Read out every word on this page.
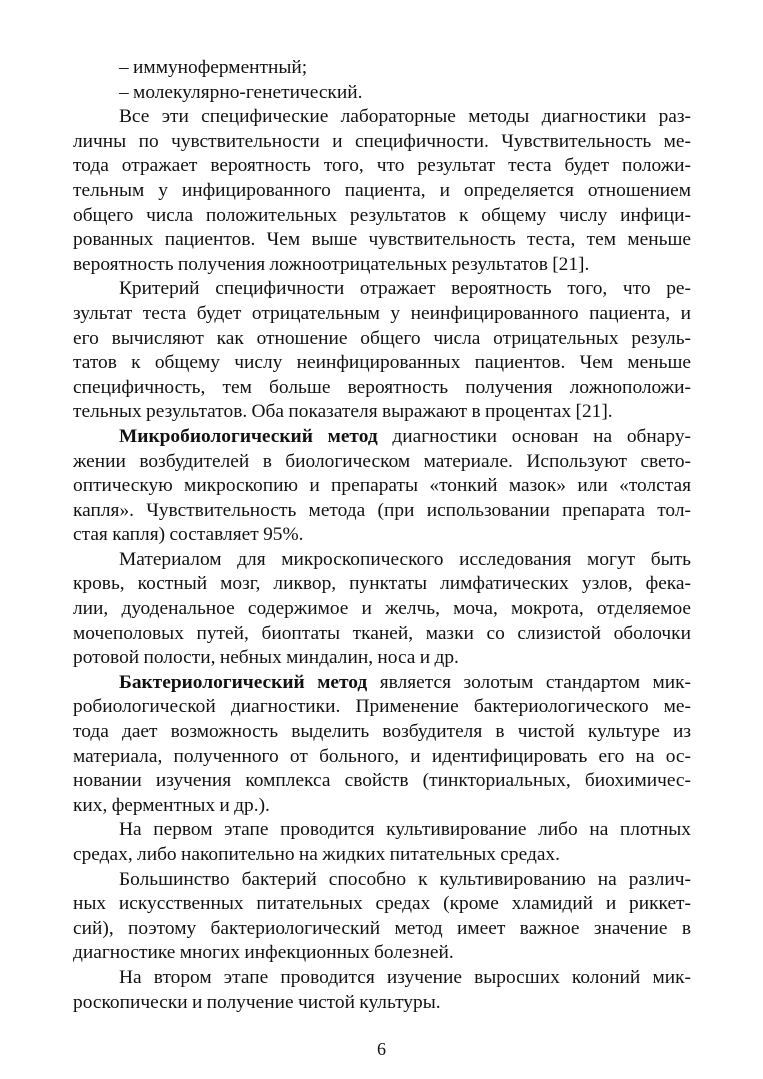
– иммуноферментный;
– молекулярно-генетический.
Все эти специфические лабораторные методы диагностики раз-
личны по чувствительности и специфичности. Чувствительность ме-
тода отражает вероятность того, что результат теста будет положи-
тельным у инфицированного пациента, и определяется отношением
общего числа положительных результатов к общему числу инфици-
рованных пациентов. Чем выше чувствительность теста, тем меньше
вероятность получения ложноотрицательных результатов [21].
Критерий специфичности отражает вероятность того, что ре-
зультат теста будет отрицательным у неинфицированного пациента, и
его вычисляют как отношение общего числа отрицательных резуль-
татов к общему числу неинфицированных пациентов. Чем меньше
специфичность, тем больше вероятность получения ложноположи-
тельных результатов. Оба показателя выражают в процентах [21].
Микробиологический метод диагностики основан на обнару-
жении возбудителей в биологическом материале. Используют свето-
оптическую микроскопию и препараты «тонкий мазок» или «толстая
капля». Чувствительность метода (при использовании препарата тол-
стая капля) составляет 95%.
Материалом для микроскопического исследования могут быть
кровь, костный мозг, ликвор, пунктаты лимфатических узлов, фека-
лии, дуоденальное содержимое и желчь, моча, мокрота, отделяемое
мочеполовых путей, биоптаты тканей, мазки со слизистой оболочки
ротовой полости, небных миндалин, носа и др.
Бактериологический метод является золотым стандартом мик-
робиологической диагностики. Применение бактериологического ме-
тода дает возможность выделить возбудителя в чистой культуре из
материала, полученного от больного, и идентифицировать его на ос-
новании изучения комплекса свойств (тинкториальных, биохимичес-
ких, ферментных и др.).
На первом этапе проводится культивирование либо на плотных
средах, либо накопительно на жидких питательных средах.
Большинство бактерий способно к культивированию на различ-
ных искусственных питательных средах (кроме хламидий и риккет-
сий), поэтому бактериологический метод имеет важное значение в
диагностике многих инфекционных болезней.
На втором этапе проводится изучение выросших колоний мик-
роскопически и получение чистой культуры.
6
